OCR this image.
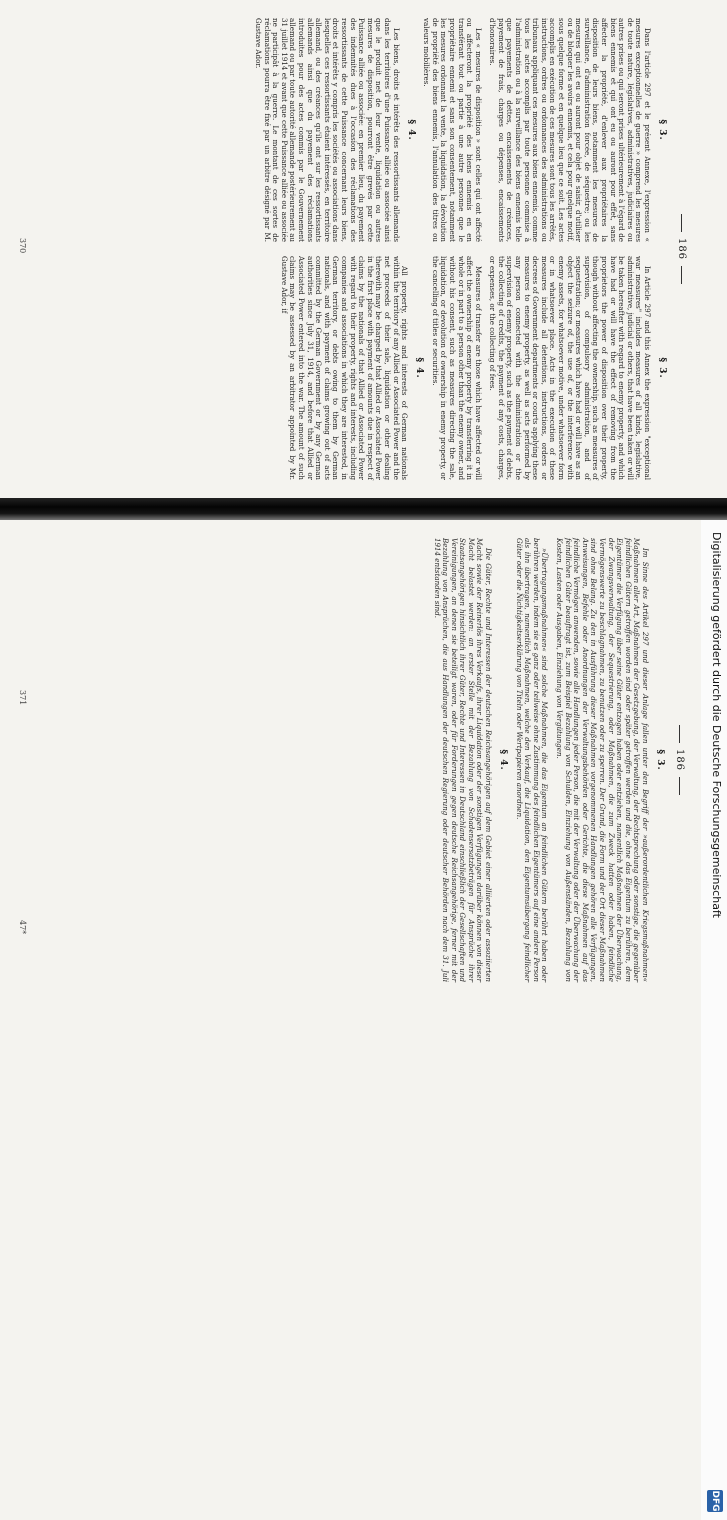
186
§ 3.

Dans l'article 297 et le présent Annexe, l'expression « mesures exceptionnelles de guerre » comprend les mesures de toute nature, législatives, administratives, judiciaires ou autres prises ou qui seront prises ultérieurement à l'égard de biens ennemis et qui ont eu ou auront pour effet, sans affecter la propriété, d'enlever aux propriétaires la disposition de leurs biens, notamment les mesures de surveillance, d'administration forcée, de séquestre; ou les mesures qui ont eu ou auront pour objet de saisir, d'utiliser ou de bloquer les avoirs ennemis, et cela pour quelque motif, sous quelque forme et en quelque lieu que ce soit. Les actes accomplis en exécution de ces mesures sont tous les arrêtés, instructions, ordres ou ordonnances des administrations ou tribunaux appliquant ces mesures aux biens ennemis, comme tous les actes accomplis par toute personne commise à l'administration ou à la surveillance des biens ennemis telle que payements de dettes, encaissements de créances, payement de frais, charges ou dépenses, encaissements d'honoraires.

Les « mesures de disposition » sont celles qui ont affecté ou affecteront la propriété des biens ennemis en en transférant tout ou partie à une autre personne que le propriétaire ennemi et sans son consentement, notamment les mesures ordonnant la vente, la liquidation, la dévolution de propriété des biens ennemis, l'annulation des titres ou valeurs mobilières.

§ 4.

Les biens, droits et intérêts des ressortissants allemands dans les territoires d'une Puissance alliée ou associée ainsi que le produit net de leur vente, liquidation ou autres mesures de disposition, pourront être grevés par cette Puissance alliée ou associée: en premier lieu, du payement des indemnités dues à l'occasion des réclamations des ressortissants de cette Puissance concernant leurs biens, droits et intérêts y compris les sociétés ou associations dans lesquelles ces ressortissants étaient intéressés, en territoire allemand, ou des créances qu'ils ont sur les ressortissants allemands ainsi que du payement des réclamations introduites pour des actes commis par le Gouvernement allemand ou par toute autorité allemande postérieurement au 31 juillet 1914 et avant que cette Puissance alliée ou associée ne participât à la guerre. Le montant de ces sortes de réclamations pourra être fixé par un arbitre désigné par M. Gustave Ador.

§ 3.

In Article 297 and this Annex the expression "exceptional war measures" includes measures of all kinds, legislative, administrative, judicial or others, that have been taken or will be taken hereafter with regard to enemy property, and which have had or will have the effect of removing from the proprietors the power of disposition over their property, though without affecting the ownership, such as measures of supervision, of compulsory administration, and of sequestration; or measures which have had or will have as an object the seizure of, the use of, or the interference with enemy assets, for whatsoever motive, under whatsoever form or in whatsoever place. Acts in the execution of these measures include all detentions, instructions, orders or decrees of Government departments or courts applying these measures to enemy property, as well as acts performed by any person connected with the administration or the supervision of enemy property, such as the payment of debts, the collecting of credits, the payment of any costs, charges, or expenses, or the collecting of fees.

Measures of transfer are those which have affected or will affect the ownership of enemy property by transferring it in whole or in part to a person other than the enemy owner, and without his consent, such as measures directing the sale, liquidation, or devolution of ownership in enemy property, or the cancelling of titles or securities.

§ 4.

All property, rights and interests of German nationals within the territory of any Allied or Associated Power and the net proceeds of their sale, liquidation or other dealing therewith may be charged by that Allied or Associated Power in the first place with payment of amounts due in respect of claims by the nationals of that Allied or Associated Power with regard to their property, rights and interests, including companies and associations in which they are interested, in German territory, or debts owing to them by German nationals, and with payment of claims growing out of acts committed by the German Government or by any German authorities since July 31, 1914, and before that Allied or Associated Power entered into the war. The amount of such claims may be assessed by an arbitrator appointed by Mr. Gustave Ador, if

370
Digitalisierung gefördert durch die Deutsche Forschungsgemeinschaft
DFG
186
§ 3.

Im Sinne des Artikel 297 und dieser Anlage fallen unter den Begriff der »außerordentlichen Kriegsmaßnahmen« Maßnahmen aller Art, Maßnahmen der Gesetzgebung, der Verwaltung, der Rechtsprechung oder sonstige, die gegenüber feindlichen Gütern getroffen worden sind oder später getroffen werden und die, ohne das Eigentum zu berühren, dem Eigentümer die Verfügung über seine Güter entzogen haben oder entziehen, namentlich Maßnahmen der Überwachung, der Zwangsverwaltung, der Sequestrierung, oder Maßnahmen, die zum Zweck hatten oder haben, feindliche Vermögenswerte zu beschlagnahmen, zu benutzen oder zu sperren. Der Grund, die Form und der Ort dieser Maßnahmen sind ohne Belang. Zu den in Ausführung dieser Maßnahmen vorgenommenen Handlungen gehören alle Verfügungen, Anweisungen, Befehle oder Anordnungen der Verwaltungsbehörden oder Gerichte, die diese Maßnahmen auf das feindliche Vermögen anwenden, sowie alle Handlungen jeder Person, die mit der Verwaltung oder der Überwachung der feindlichen Güter beauftragt ist, zum Beispiel Bezahlung von Schulden, Einziehung von Außenständen, Bezahlung von Kosten, Lasten oder Ausgaben, Einziehung von Vergütungen.

»Übertragungsmaßnahmen« sind solche Maßnahmen, die das Eigentum an feindlichen Gütern berührt haben oder berühren werden, indem sie es ganz oder teilweise ohne Zustimmung des feindlichen Eigentümers auf eine andere Person als ihn übertragen, namentlich Maßnahmen, welche den Verkauf, die Liquidation, den Eigentumsübergang feindlicher Güter oder die Nichtigkeitserklärung von Titeln oder Wertpapieren anordnen.

§ 4.

Die Güter, Rechte und Interessen der deutschen Reichsangehörigen auf dem Gebiet einer alliierten oder assoziierten Macht sowie der Reinerlös ihres Verkaufs, ihrer Liquidation oder der sonstigen Verfügungen darüber können von dieser Macht belastet werden: an erster Stelle mit der Bezahlung von Schadensersatzbeträgen für Ansprüche ihrer Staatsangehörigen hinsichtlich ihrer Güter, Rechte und Interessen in Deutschland einschließlich der Gesellschaften und Vereinigungen, an denen sie beteiligt waren, oder für Forderungen gegen deutsche Reichsangehörige, ferner mit der Bezahlung von Ansprüchen, die aus Handlungen der deutschen Regierung oder deutscher Behörden nach dem 31. Juli 1914 entstanden sind.

371
47*
